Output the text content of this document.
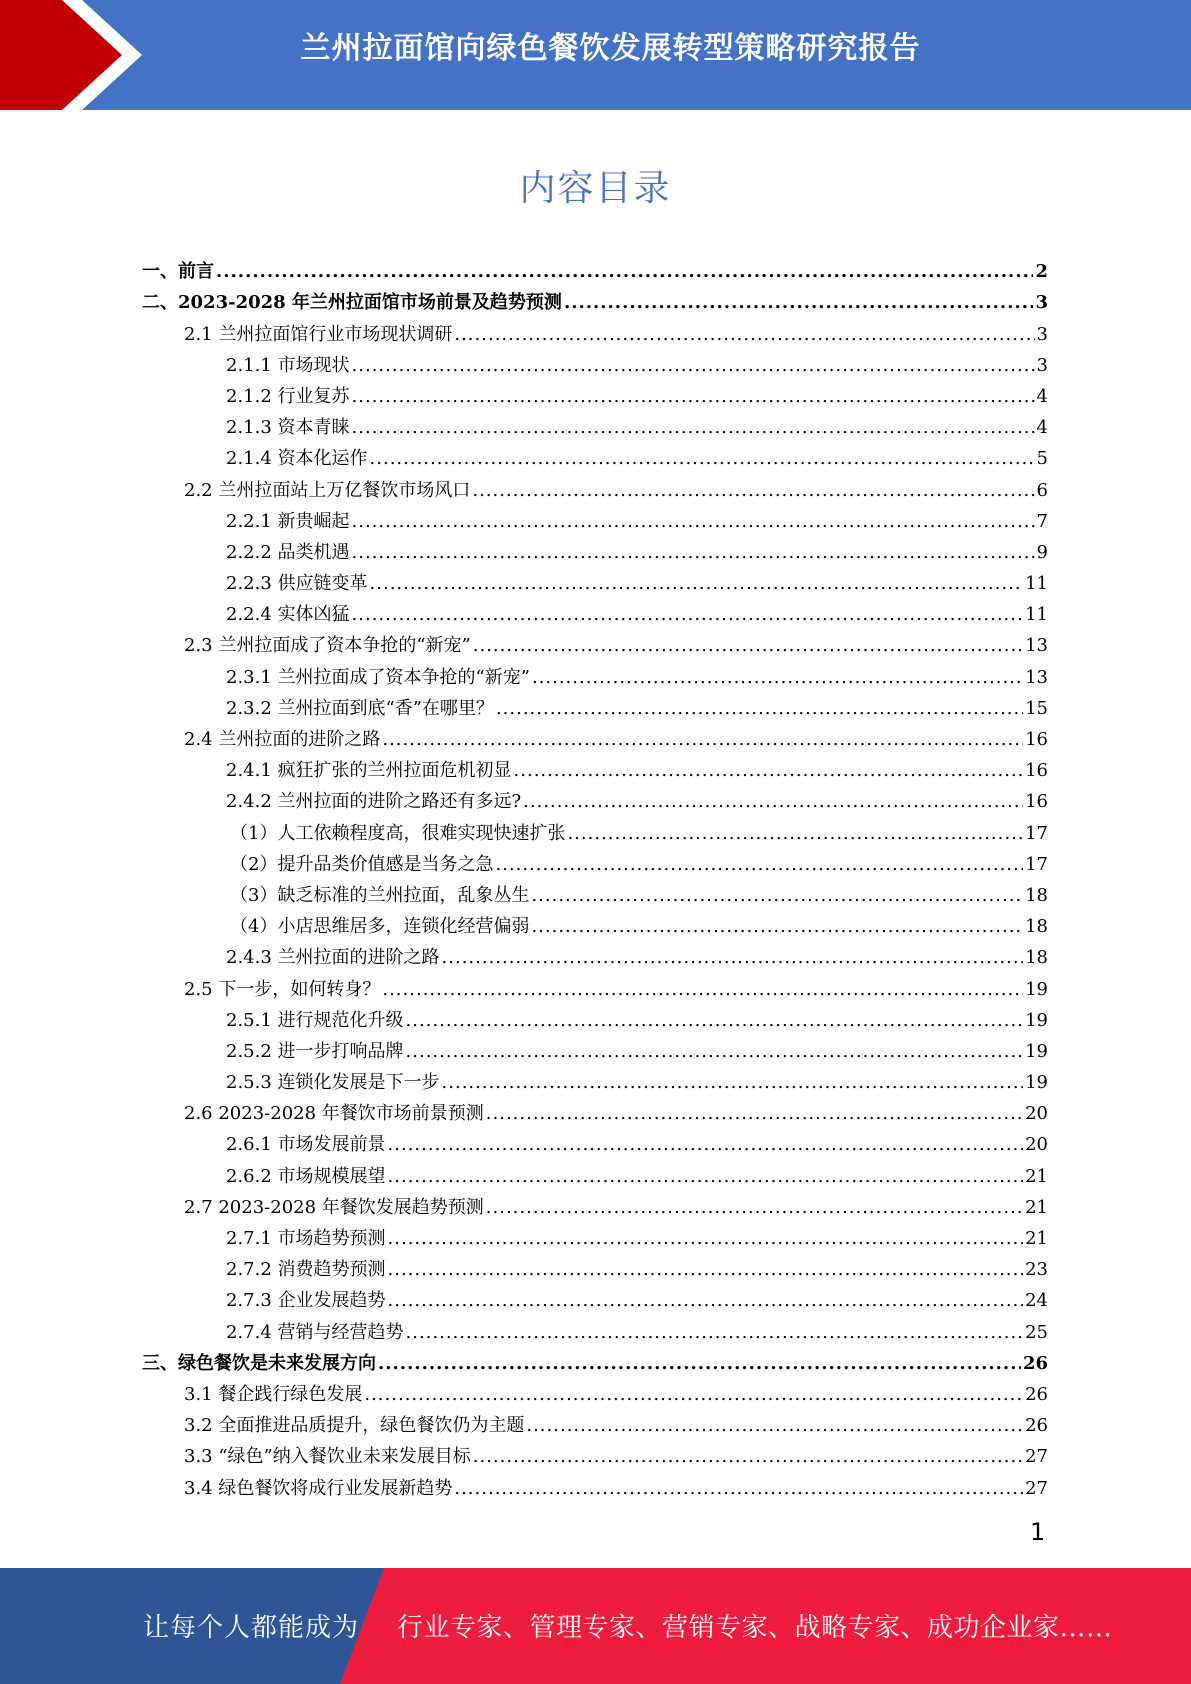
兰州拉面馆向绿色餐饮发展转型策略研究报告
内容目录
一、前言 .....	2
二、2023-2028 年兰州拉面馆市场前景及趋势预测 .....	3
2.1 兰州拉面馆行业市场现状调研 .....	3
2.1.1 市场现状 .....	3
2.1.2 行业复苏 .....	4
2.1.3 资本青睐 .....	4
2.1.4 资本化运作 .....	5
2.2 兰州拉面站上万亿餐饮市场风口 .....	6
2.2.1 新贵崛起 .....	7
2.2.2 品类机遇 .....	9
2.2.3 供应链变革 .....	11
2.2.4 实体凶猛 .....	11
2.3 兰州拉面成了资本争抢的“新宠” .....	13
2.3.1 兰州拉面成了资本争抢的“新宠” .....	13
2.3.2 兰州拉面到底“香”在哪里？ .....	15
2.4 兰州拉面的进阶之路 .....	16
2.4.1 疯狂扩张的兰州拉面危机初显 .....	16
2.4.2 兰州拉面的进阶之路还有多远? .....	16
（1）人工依赖程度高，很难实现快速扩张 .....	17
（2）提升品类价值感是当务之急 .....	17
（3）缺乏标准的兰州拉面，乱象丛生 .....	18
（4）小店思维居多，连锁化经营偏弱 .....	18
2.4.3 兰州拉面的进阶之路 .....	18
2.5 下一步，如何转身？ .....	19
2.5.1 进行规范化升级 .....	19
2.5.2 进一步打响品牌 .....	19
2.5.3 连锁化发展是下一步 .....	19
2.6 2023-2028 年餐饮市场前景预测 .....	20
2.6.1 市场发展前景 .....	20
2.6.2 市场规模展望 .....	21
2.7 2023-2028 年餐饮发展趋势预测 .....	21
2.7.1 市场趋势预测 .....	21
2.7.2 消费趋势预测 .....	23
2.7.3 企业发展趋势 .....	24
2.7.4 营销与经营趋势 .....	25
三、绿色餐饮是未来发展方向 .....	26
3.1 餐企践行绿色发展 .....	26
3.2 全面推进品质提升，绿色餐饮仍为主题 .....	26
3.3 “绿色”纳入餐饮业未来发展目标 .....	27
3.4 绿色餐饮将成行业发展新趋势 .....	27
1
让每个人都能成为 行业专家、管理专家、营销专家、战略专家、成功企业家……
